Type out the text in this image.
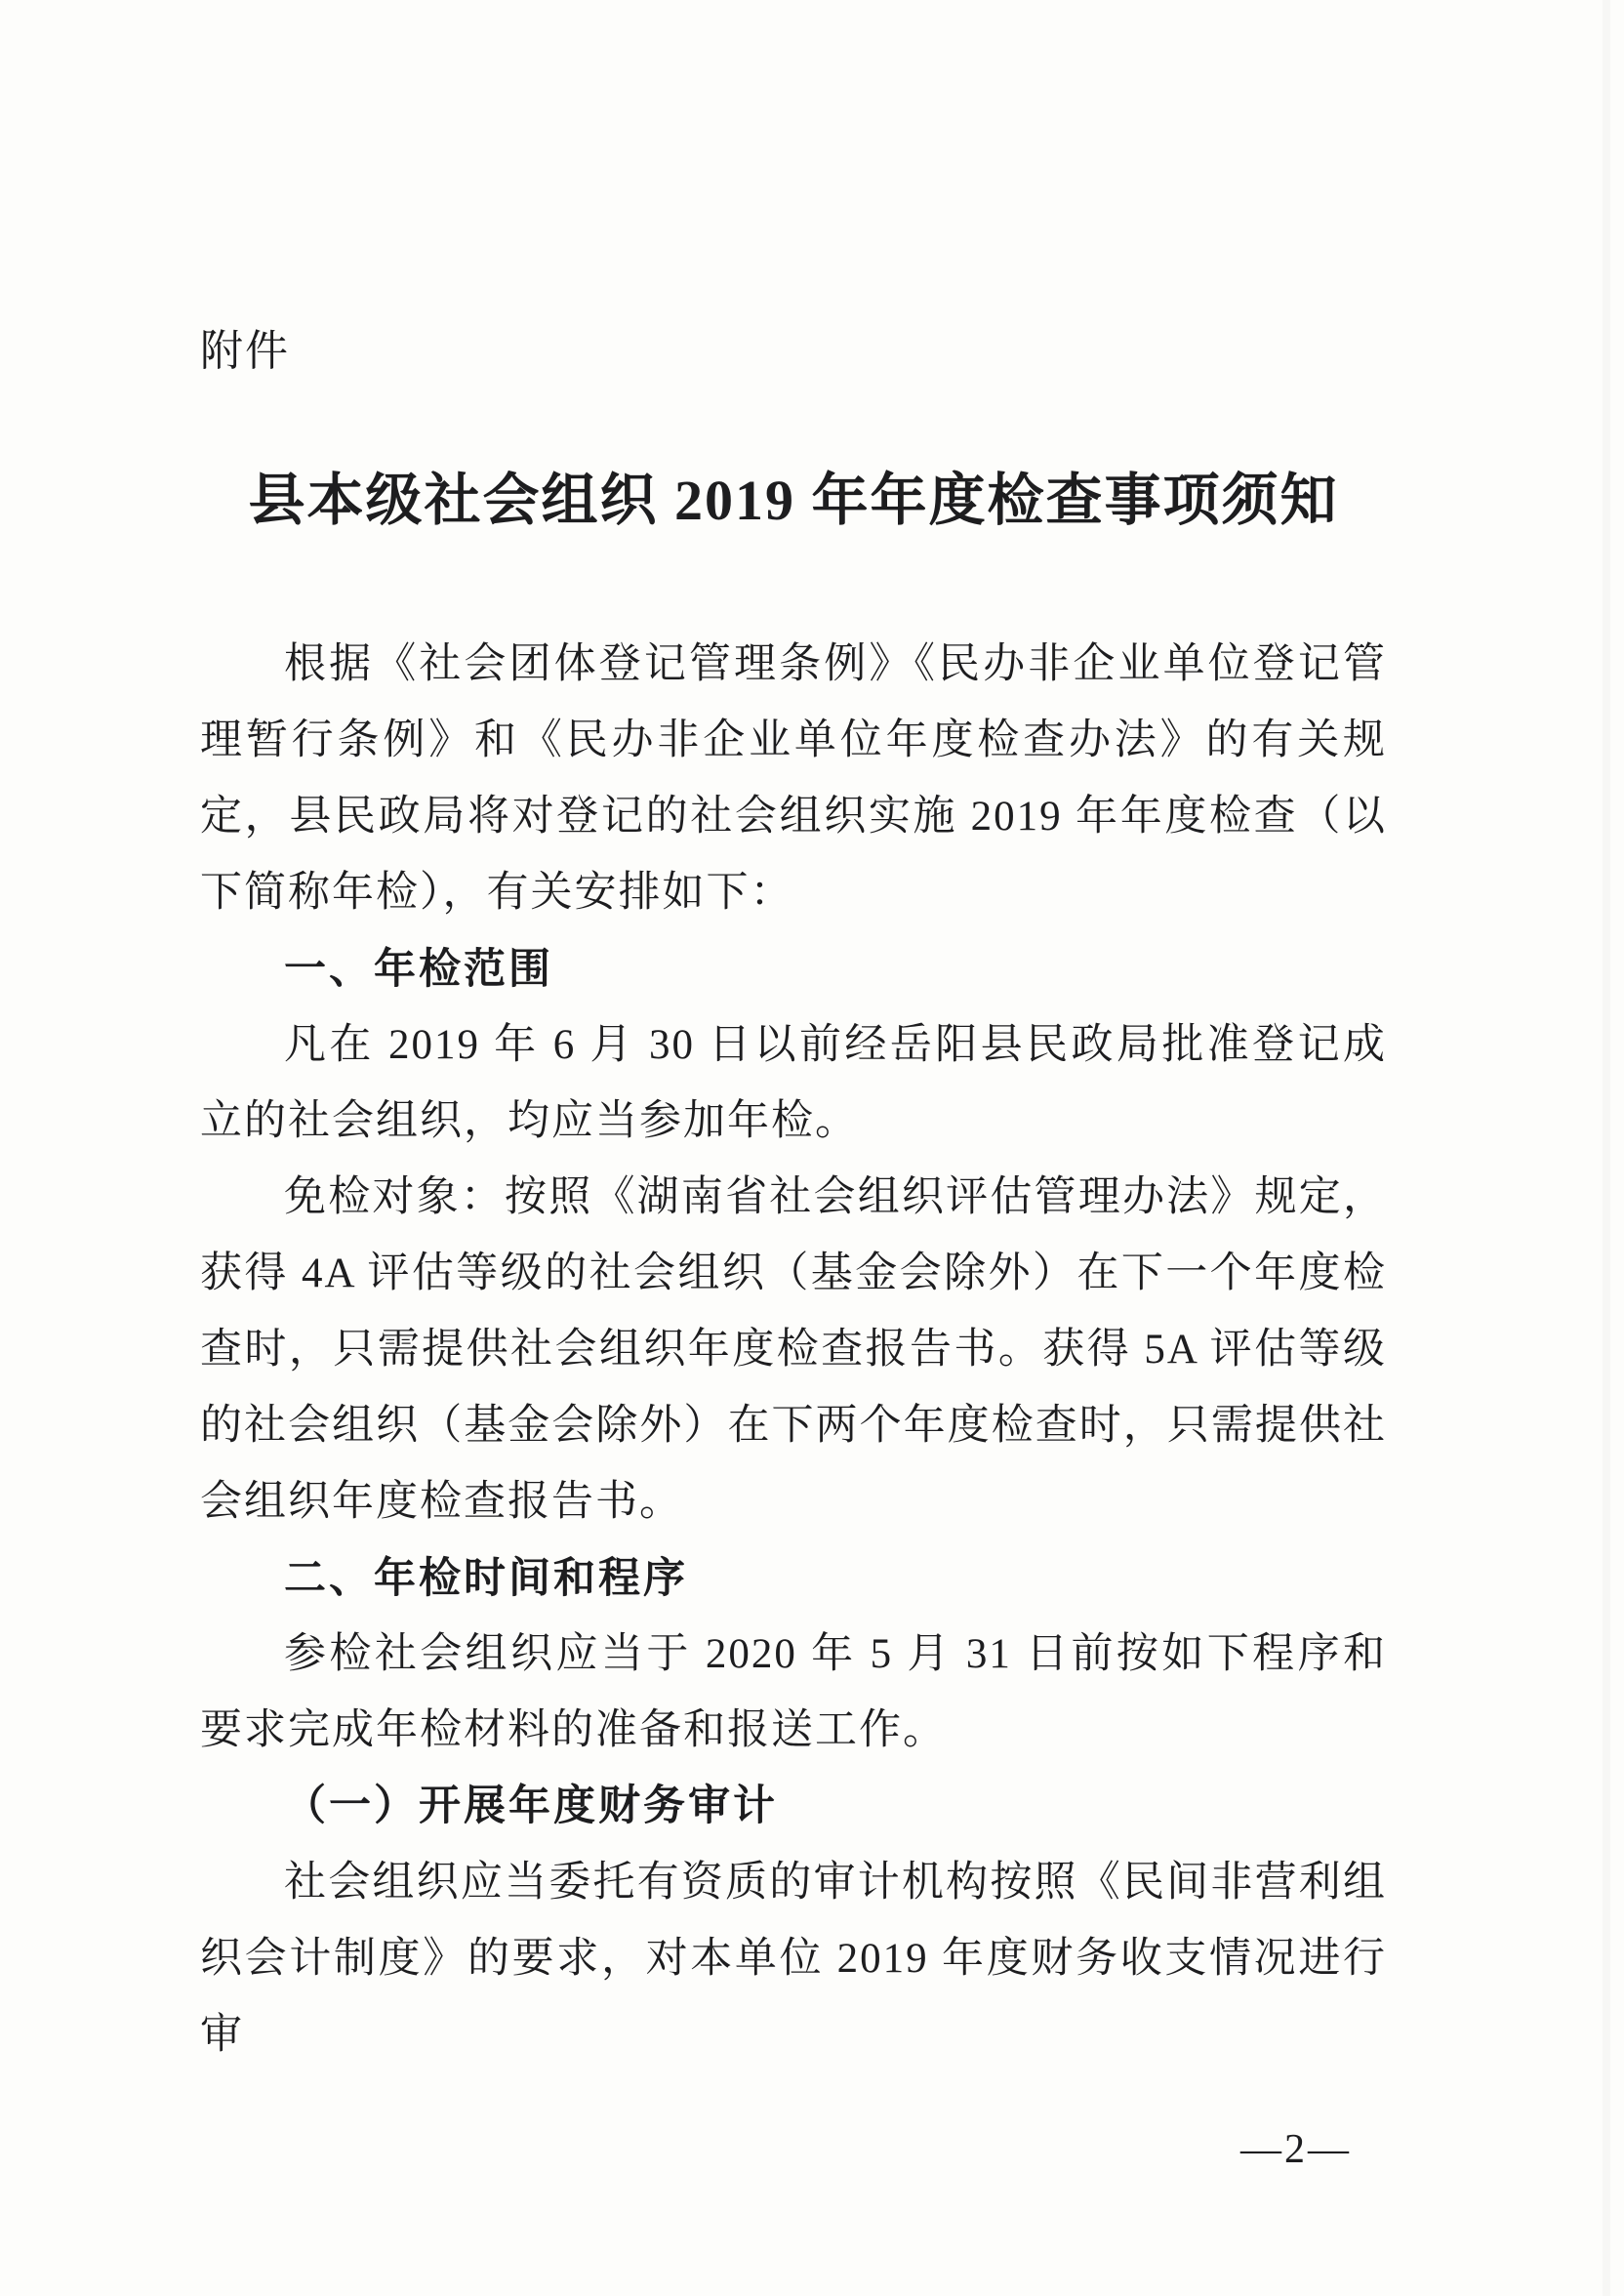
附件
县本级社会组织 2019 年年度检查事项须知

根据《社会团体登记管理条例》《民办非企业单位登记管理暂行条例》和《民办非企业单位年度检查办法》的有关规定，县民政局将对登记的社会组织实施 2019 年年度检查（以下简称年检），有关安排如下：

一、年检范围

凡在 2019 年 6 月 30 日以前经岳阳县民政局批准登记成立的社会组织，均应当参加年检。

免检对象：按照《湖南省社会组织评估管理办法》规定，获得 4A 评估等级的社会组织（基金会除外）在下一个年度检查时，只需提供社会组织年度检查报告书。获得 5A 评估等级的社会组织（基金会除外）在下两个年度检查时，只需提供社会组织年度检查报告书。

二、年检时间和程序

参检社会组织应当于 2020 年 5 月 31 日前按如下程序和要求完成年检材料的准备和报送工作。

（一）开展年度财务审计

社会组织应当委托有资质的审计机构按照《民间非营利组织会计制度》的要求，对本单位 2019 年度财务收支情况进行审

—2—
